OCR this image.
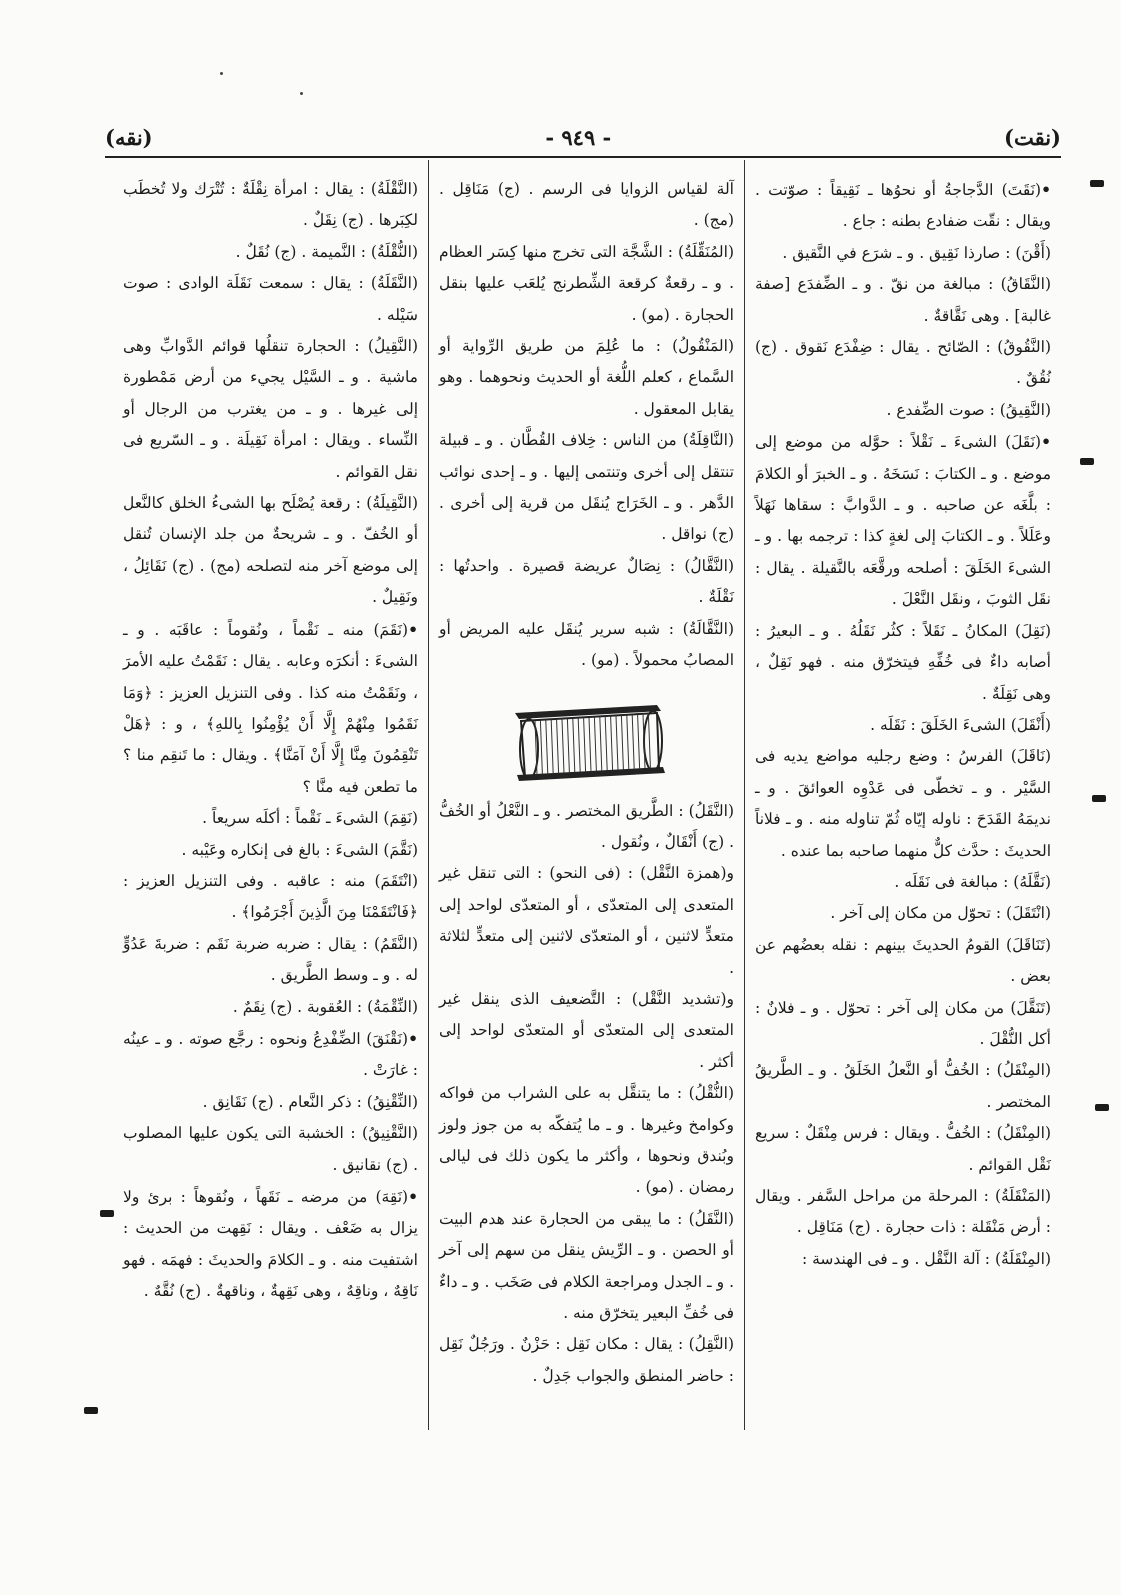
(نقت)
- ٩٤٩ -
(نقه)

• (نَقَتَ) الدَّجاجةُ أو نحوُها ـ نَقِيقاً : صوّتت . ويقال : نقّت ضفادع بطنه : جاع .

(أَقْنَ) : صارذا نَقِيق . و ـ شرَع في النَّقيق .

(النَّقَاقُ) : مبالغة من نقّ . و ـ الضِّفدَع [صفة غالبة] . وهى نَقَّاقةٌ .

(النَّقُوقُ) : الصّائح . يقال : ضِفْدَع نَقوق . (ج) نُقُقٌ .

(النَّقِيقُ) : صوت الضِّفدع .

• (نَقَلَ) الشىءَ ـ نَقْلاً : حوَّله من موضع إلى موضع . و ـ الكتابَ : نَسَخَهُ . و ـ الخبرَ أو الكلامَ : بلَّغَه عن صاحبه . و ـ الدَّوابَّ : سقاها نَهَلاً وعَلَلاً . و ـ الكتابَ إلى لغةٍ كذا : ترجمه بها . و ـ الشىءَ الخَلَقَ : أصلحه ورقَّعَه بالنَّقيلة . يقال : نقَل الثوبَ ، ونقَل النَّعْلَ .

(نَقِلَ) المكانُ ـ نَقَلاً : كثُر نَقَلُهُ . و ـ البعيرُ : أصابه داءٌ فى خُفِّهِ فيتخرّق منه . فهو نَقِلٌ ، وهى نَقِلَةٌ .

(أَنْقَلَ) الشىءَ الخَلَقَ : نَقَلَه .

(نَاقَلَ) الفرسُ : وضع رجليه مواضع يديه فى السَّيْر . و ـ تخطّى فى عَدْوِه العوائقَ . و ـ نديمَهُ القَدَحَ : ناوله إيّاه ثُمّ تناوله منه . و ـ فلاناً الحديثَ : حدَّث كلٌّ منهما صاحبه بما عنده .

(نَقَّلَهُ) : مبالغة فى نَقَلَه .

(انْتَقَلَ) : تحوّل من مكان إلى آخر .

(تَنَاقَلَ) القومُ الحديثَ بينهم : نقله بعضُهم عن بعض .

(تَنَقَّلَ) من مكان إلى آخر : تحوّل . و ـ فلانٌ : أكل النُّقْلَ .

(المِنْقَلُ) : الخُفُّ أو النَّعلُ الخَلَقُ . و ـ الطَّريقُ المختصر .

(المِنْقَلُ) : الخُفُّ . ويقال : فرس مِنْقَلٌ : سريع نَقْل القوائم .

(المَنْقَلَةُ) : المرحلة من مراحل السَّفر . ويقال : أرض مَنْقَلة : ذات حجارة . (ج) مَنَاقِل .

(المِنْقَلَةُ) : آلة النَّقْل . و ـ فى الهندسة :

آلة لقياس الزوايا فى الرسم . (ج) مَنَاقِل . (مج) .

(المُنَقِّلَةُ) : الشَّجَّة التى تخرج منها كِسَر العظام . و ـ رقعةٌ كرقعة الشِّطرنج يُلعَب عليها بنقل الحجارة . (مو) .

(المَنْقُولُ) : ما عُلِمَ من طريق الرِّواية أو السَّماع ، كعلم اللُّغة أو الحديث ونحوهما . وهو يقابل المعقول .

(النَّاقِلَةُ) من الناس : خِلاف القُطَّان . و ـ قبيلة تنتقل إلى أخرى وتنتمى إليها . و ـ إحدى نوائب الدَّهر . و ـ الخَرَاج يُنقَل من قرية إلى أخرى . (ج) نواقل .

(النَّقَّالُ) : نِصَالٌ عريضة قصيرة . واحدتُها : نَقْلَةٌ .

(النَّقَّالَةُ) : شبه سرير يُنقَل عليه المريض أو المصابُ محمولاً . (مو) .

(النَّقَلُ) : الطَّريق المختصر . و ـ النَّعْلُ أو الخُفُّ . (ج) أَنْقَالٌ ، ونُقول .

و(همزة النَّقْل) : (فى النحو) : التى تنقل غير المتعدى إلى المتعدّى ، أو المتعدّى لواحد إلى متعدٍّ لاثنين ، أو المتعدّى لاثنين إلى متعدٍّ لثلاثة .

و(تشديد النَّقْل) : التَّضعيف الذى ينقل غير المتعدى إلى المتعدّى أو المتعدّى لواحد إلى أكثر .

(النُّقْلُ) : ما يتنقَّل به على الشراب من فواكه وكوامخ وغيرها . و ـ ما يُتفكّه به من جوز ولوز وبُندق ونحوها ، وأكثر ما يكون ذلك فى ليالى رمضان . (مو) .

(النَّقَلُ) : ما يبقى من الحجارة عند هدم البيت أو الحصن . و ـ الرِّيش ينقل من سهم إلى آخر . و ـ الجدل ومراجعة الكلام فى صَخَب . و ـ داءٌ فى خُفِّ البعير يتخرّق منه .

(النَّقِلُ) : يقال : مكان نَقِل : حَزْنٌ . ورَجُلٌ نَقِل : حاضر المنطق والجواب جَدِلٌ .

(النَّقْلَةُ) : يقال : امرأة نِقْلَةٌ : تُتْرَك ولا تُخطَب لكِبَرها . (ج) نِقَلٌ .

(النُّقْلَةُ) : النَّميمة . (ج) نُقَلٌ .

(النَّقَلَةُ) : يقال : سمعت نَقَلَة الوادى : صوت سَيْله .

(النَّقِيلُ) : الحجارة تنقلُها قوائم الدَّوابِّ وهى ماشية . و ـ السَّيْل يجيء من أرض مَمْطورة إلى غيرها . و ـ من يغترب من الرجال أو النِّساء . ويقال : امرأة نَقِيلَة . و ـ السّريع فى نقل القوائم .

(النَّقِيلَةُ) : رقعة يُصْلَح بها الشىءُ الخلق كالنَّعل أو الخُفّ . و ـ شريحةٌ من جلد الإنسان تُنقل إلى موضع آخر منه لتصلحه (مج) . (ج) نَقَائِلُ ، ونَقِيلٌ .

• (نَقَمَ) منه ـ نَقْماً ، ونُقوماً : عاقَبَه . و ـ الشىءَ : أنكرَه وعابه . يقال : نَقَمْتُ عليه الأمرَ ، ونَقَمْتُ منه كذا . وفى التنزيل العزيز : ﴿وَمَا نَقَمُوا مِنْهُمْ إِلَّا أَنْ يُؤْمِنُوا بِاللهِ﴾ ، و : ﴿هَلْ تَنْقِمُونَ مِنَّا إِلَّا أَنْ آمَنَّا﴾ . ويقال : ما تَنقِم منا ؟ ما تطعن فيه منَّا ؟

(نَقِمَ) الشىءَ ـ نَقْماً : أكلَه سريعاً .

(نَقَّمَ) الشىءَ : بالغ فى إنكاره وعَيْبه .

(انْتَقَمَ) منه : عاقبه . وفى التنزيل العزيز : ﴿فَانْتَقَمْنَا مِنَ الَّذِينَ أَجْرَمُوا﴾ .

(النَّقَمُ) : يقال : ضربه ضربة نَقَم : ضربةَ عَدُوٍّ له . و ـ وسط الطَّريق .

(النِّقْمَةُ) : العُقوبة . (ج) نِقَمٌ .

• (نَقْنَقَ) الضِّفْدِعُ ونحوه : رجَّع صوته . و ـ عينُه : غارَتْ .

(النِّقْنِقُ) : ذكر النَّعام . (ج) نَقَانِق .

(النَّقْنِيقُ) : الخشبة التى يكون عليها المصلوب . (ج) نقانيق .

• (نَقِهَ) من مرضه ـ نَقَهاً ، ونُقوهاً : برئ ولا يزال به ضَعْف . ويقال : نَقِهت من الحديث : اشتفيت منه . و ـ الكلامَ والحديثَ : فهمَه . فهو نَاقِهٌ ، وناقِهٌ ، وهى نَقِهةٌ ، وناقهةٌ . (ج) نُقَّهٌ .
